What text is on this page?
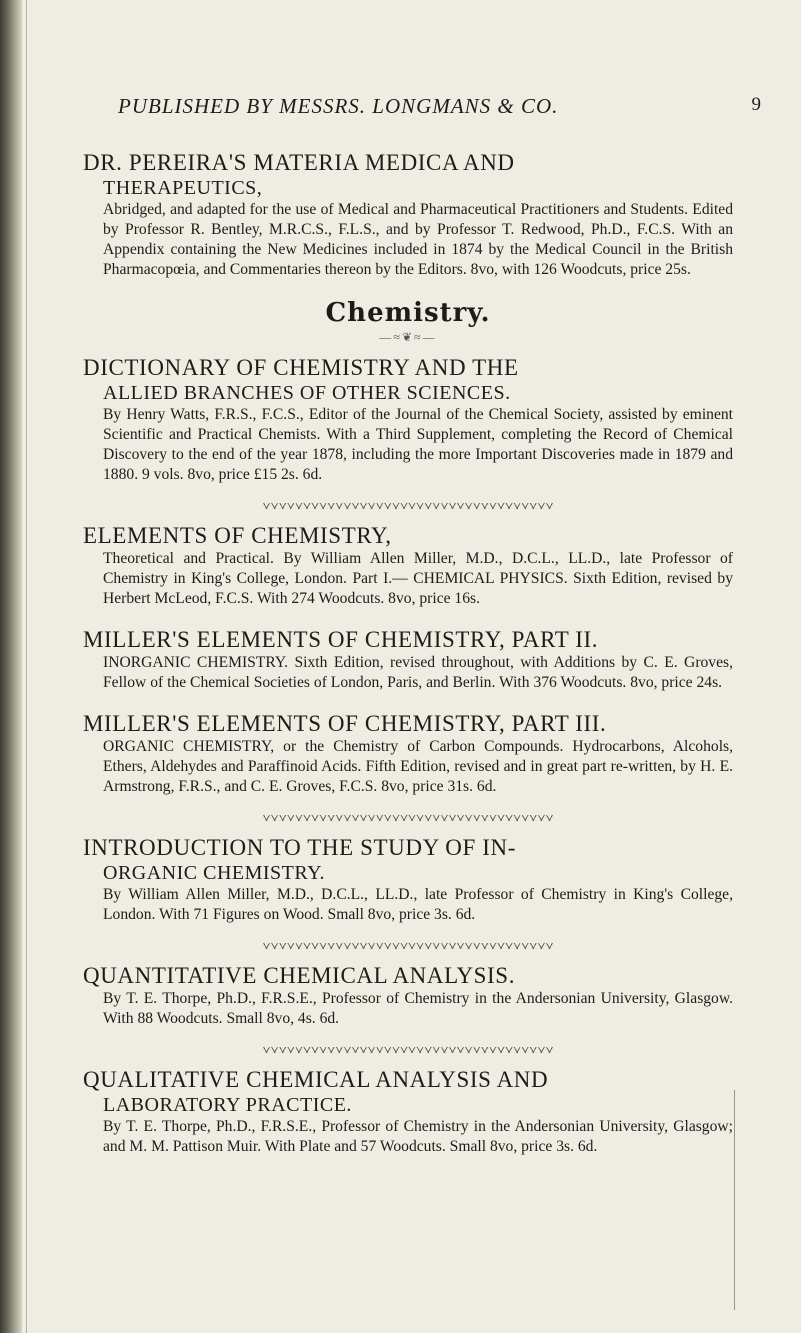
PUBLISHED BY MESSRS. LONGMANS & CO.	9
DR. PEREIRA'S MATERIA MEDICA AND
THERAPEUTICS,
Abridged, and adapted for the use of Medical and Pharmaceutical Practitioners and Students. Edited by Professor R. Bentley, M.R.C.S., F.L.S., and by Professor T. Redwood, Ph.D., F.C.S. With an Appendix containing the New Medicines included in 1874 by the Medical Council in the British Pharmacopœia, and Commentaries thereon by the Editors. 8vo, with 126 Woodcuts, price 25s.
Chemistry.
—≈❦≈—
DICTIONARY OF CHEMISTRY AND THE
ALLIED BRANCHES OF OTHER SCIENCES.
By Henry Watts, F.R.S., F.C.S., Editor of the Journal of the Chemical Society, assisted by eminent Scientific and Practical Chemists. With a Third Supplement, completing the Record of Chemical Discovery to the end of the year 1878, including the more Important Discoveries made in 1879 and 1880. 9 vols. 8vo, price £15 2s. 6d.
ELEMENTS OF CHEMISTRY,
Theoretical and Practical. By William Allen Miller, M.D., D.C.L., LL.D., late Professor of Chemistry in King's College, London. Part I.— CHEMICAL PHYSICS. Sixth Edition, revised by Herbert McLeod, F.C.S. With 274 Woodcuts. 8vo, price 16s.
MILLER'S ELEMENTS OF CHEMISTRY, PART II.
INORGANIC CHEMISTRY. Sixth Edition, revised throughout, with Additions by C. E. Groves, Fellow of the Chemical Societies of London, Paris, and Berlin. With 376 Woodcuts. 8vo, price 24s.
MILLER'S ELEMENTS OF CHEMISTRY, PART III.
ORGANIC CHEMISTRY, or the Chemistry of Carbon Compounds. Hydrocarbons, Alcohols, Ethers, Aldehydes and Paraffinoid Acids. Fifth Edition, revised and in great part re-written, by H. E. Armstrong, F.R.S., and C. E. Groves, F.C.S. 8vo, price 31s. 6d.
INTRODUCTION TO THE STUDY OF IN-
ORGANIC CHEMISTRY.
By William Allen Miller, M.D., D.C.L., LL.D., late Professor of Chemistry in King's College, London. With 71 Figures on Wood. Small 8vo, price 3s. 6d.
QUANTITATIVE CHEMICAL ANALYSIS.
By T. E. Thorpe, Ph.D., F.R.S.E., Professor of Chemistry in the Andersonian University, Glasgow. With 88 Woodcuts. Small 8vo, 4s. 6d.
QUALITATIVE CHEMICAL ANALYSIS AND
LABORATORY PRACTICE.
By T. E. Thorpe, Ph.D., F.R.S.E., Professor of Chemistry in the Andersonian University, Glasgow; and M. M. Pattison Muir. With Plate and 57 Woodcuts. Small 8vo, price 3s. 6d.
